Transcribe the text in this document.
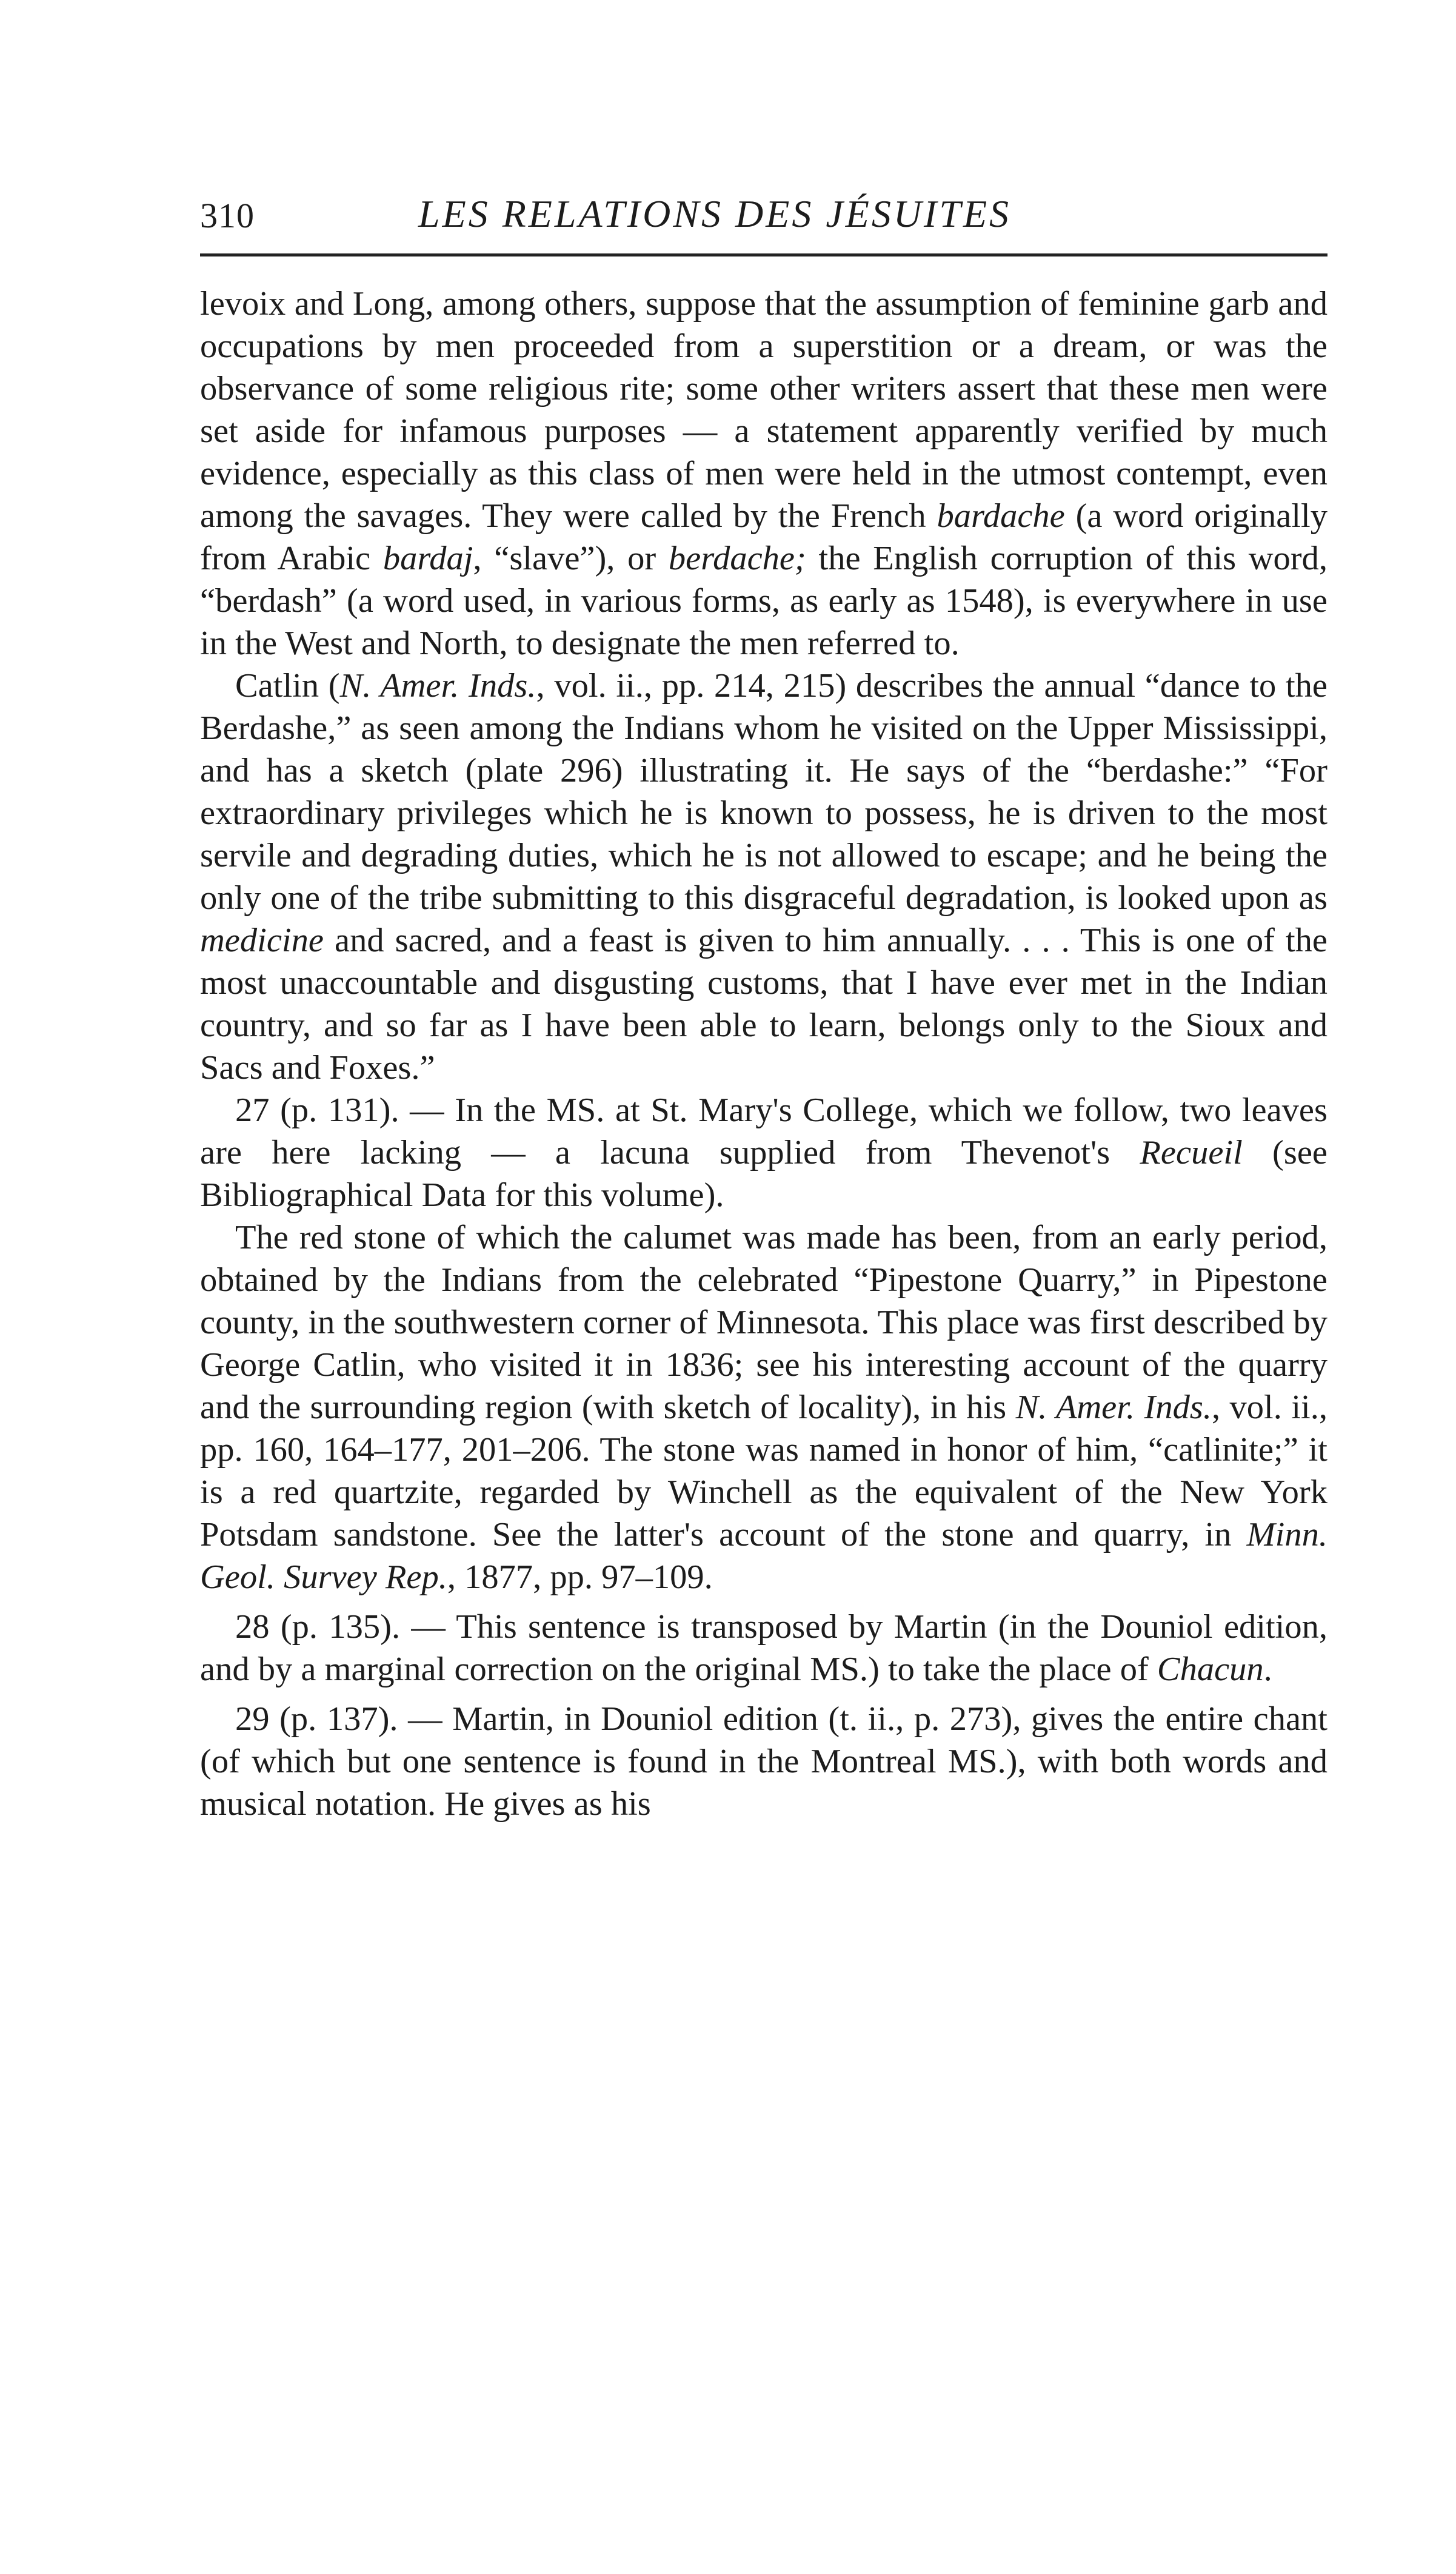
310	LES RELATIONS DES JÉSUITES

levoix and Long, among others, suppose that the assumption of feminine garb and occupations by men proceeded from a superstition or a dream, or was the observance of some religious rite; some other writers assert that these men were set aside for infamous purposes — a statement apparently verified by much evidence, especially as this class of men were held in the utmost contempt, even among the savages. They were called by the French bardache (a word originally from Arabic bardaj, “slave”), or berdache; the English corruption of this word, “berdash” (a word used, in various forms, as early as 1548), is everywhere in use in the West and North, to designate the men referred to.

Catlin (N. Amer. Inds., vol. ii., pp. 214, 215) describes the annual “dance to the Berdashe,” as seen among the Indians whom he visited on the Upper Mississippi, and has a sketch (plate 296) illustrating it. He says of the “berdashe:” “For extraordinary privileges which he is known to possess, he is driven to the most servile and degrading duties, which he is not allowed to escape; and he being the only one of the tribe submitting to this disgraceful degradation, is looked upon as medicine and sacred, and a feast is given to him annually. . . . This is one of the most unaccountable and disgusting customs, that I have ever met in the Indian country, and so far as I have been able to learn, belongs only to the Sioux and Sacs and Foxes.”

27 (p. 131). — In the MS. at St. Mary's College, which we follow, two leaves are here lacking — a lacuna supplied from Thevenot's Recueil (see Bibliographical Data for this volume).

The red stone of which the calumet was made has been, from an early period, obtained by the Indians from the celebrated “Pipestone Quarry,” in Pipestone county, in the southwestern corner of Minnesota. This place was first described by George Catlin, who visited it in 1836; see his interesting account of the quarry and the surrounding region (with sketch of locality), in his N. Amer. Inds., vol. ii., pp. 160, 164–177, 201–206. The stone was named in honor of him, “catlinite;” it is a red quartzite, regarded by Winchell as the equivalent of the New York Potsdam sandstone. See the latter's account of the stone and quarry, in Minn. Geol. Survey Rep., 1877, pp. 97–109.

28 (p. 135). — This sentence is transposed by Martin (in the Douniol edition, and by a marginal correction on the original MS.) to take the place of Chacun.

29 (p. 137). — Martin, in Douniol edition (t. ii., p. 273), gives the entire chant (of which but one sentence is found in the Montreal MS.), with both words and musical notation. He gives as his
